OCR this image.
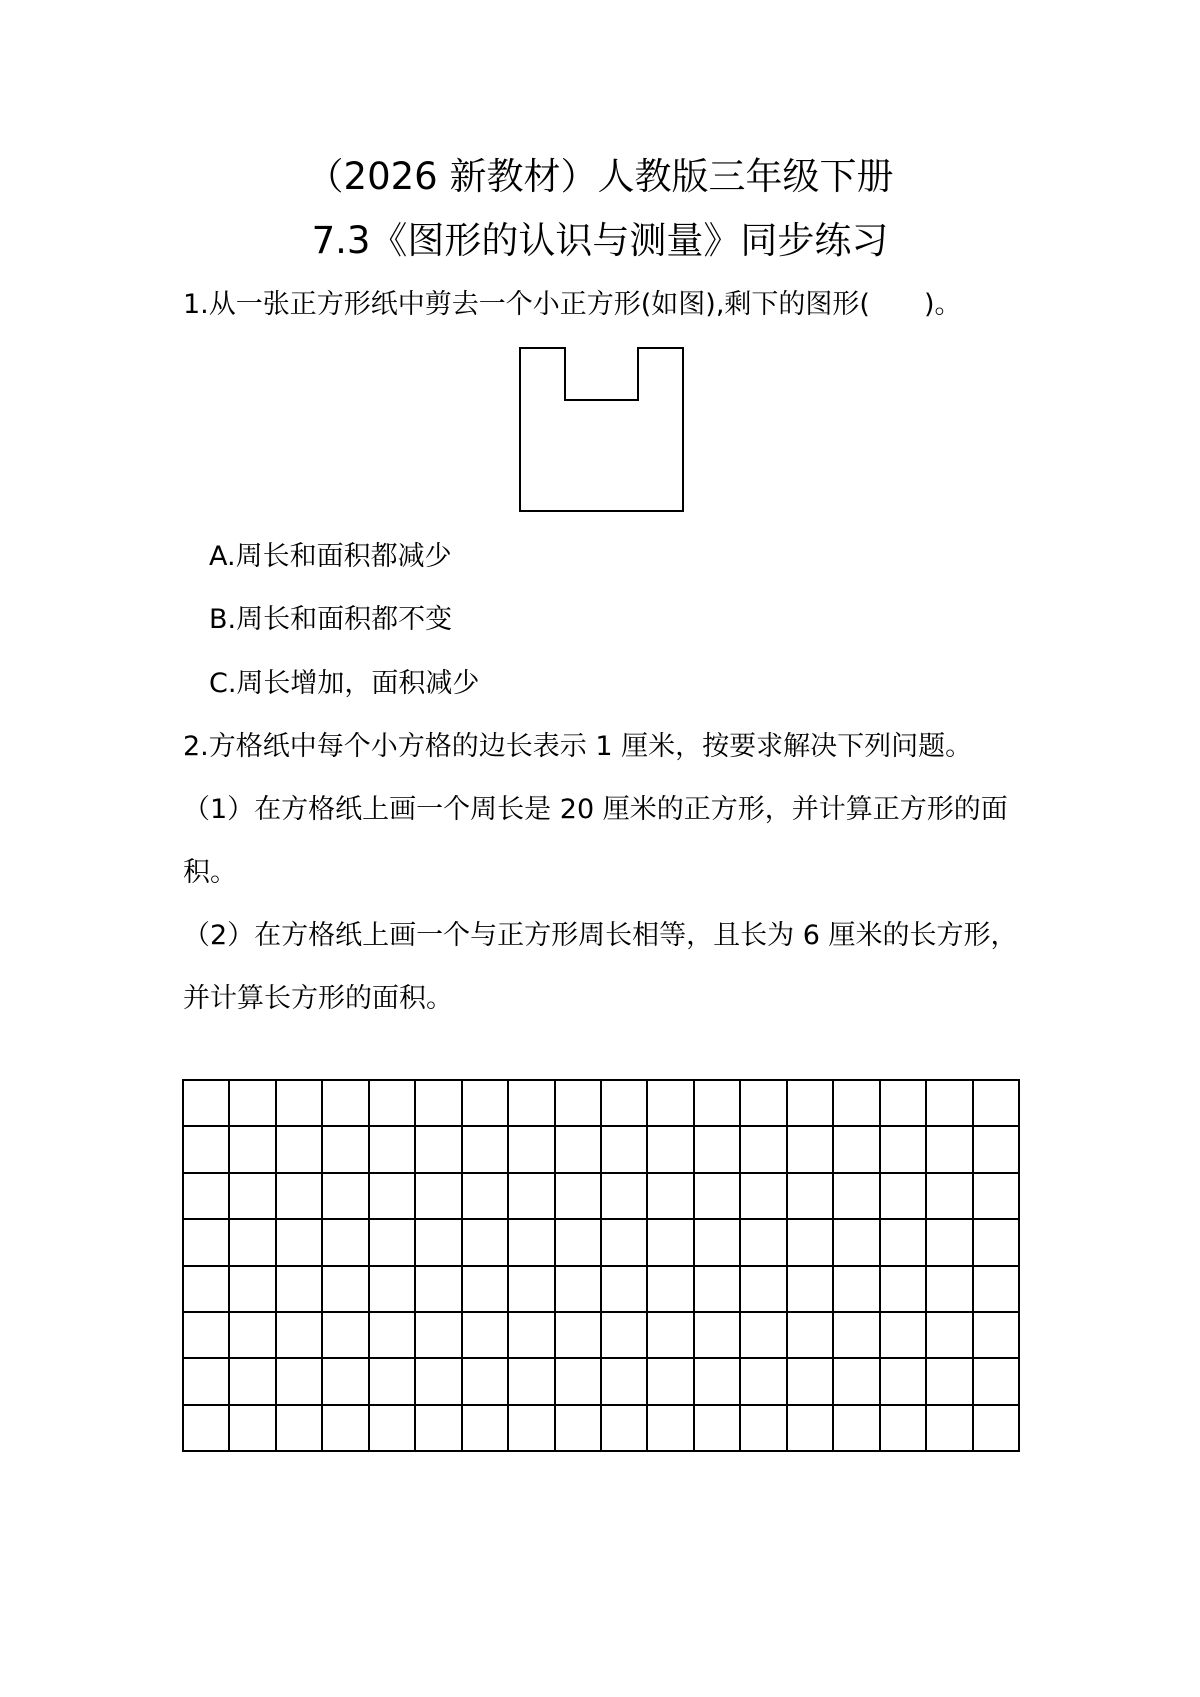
（2026 新教材）人教版三年级下册
7.3《图形的认识与测量》同步练习
1.从一张正方形纸中剪去一个小正方形(如图),剩下的图形(　　)。
A.周长和面积都减少
B.周长和面积都不变
C.周长增加，面积减少
2.方格纸中每个小方格的边长表示 1 厘米，按要求解决下列问题。
（1）在方格纸上画一个周长是 20 厘米的正方形，并计算正方形的面
积。
（2）在方格纸上画一个与正方形周长相等，且长为 6 厘米的长方形，
并计算长方形的面积。
